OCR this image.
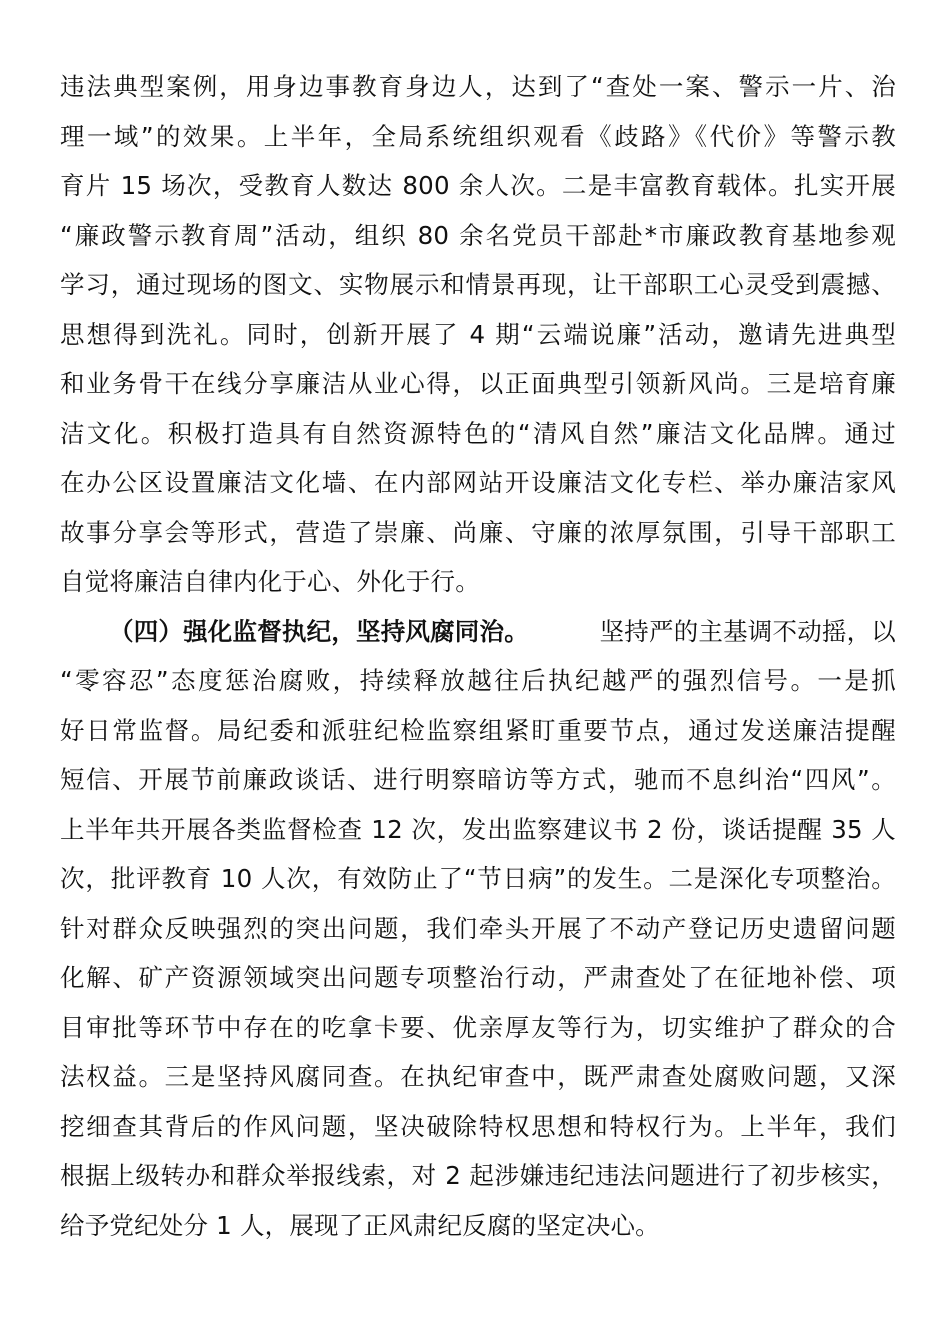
违法典型案例，用身边事教育身边人，达到了“查处一案、警示一片、治
理一域”的效果。上半年，全局系统组织观看《歧路》《代价》等警示教
育片 15 场次，受教育人数达 800 余人次。二是丰富教育载体。扎实开展
“廉政警示教育周”活动，组织 80 余名党员干部赴*市廉政教育基地参观
学习，通过现场的图文、实物展示和情景再现，让干部职工心灵受到震撼、
思想得到洗礼。同时，创新开展了 4 期“云端说廉”活动，邀请先进典型
和业务骨干在线分享廉洁从业心得，以正面典型引领新风尚。三是培育廉
洁文化。积极打造具有自然资源特色的“清风自然”廉洁文化品牌。通过
在办公区设置廉洁文化墙、在内部网站开设廉洁文化专栏、举办廉洁家风
故事分享会等形式，营造了崇廉、尚廉、守廉的浓厚氛围，引导干部职工
自觉将廉洁自律内化于心、外化于行。
（四）强化监督执纪，坚持风腐同治。	坚持严的主基调不动摇，以
“零容忍”态度惩治腐败，持续释放越往后执纪越严的强烈信号。一是抓
好日常监督。局纪委和派驻纪检监察组紧盯重要节点，通过发送廉洁提醒
短信、开展节前廉政谈话、进行明察暗访等方式，驰而不息纠治“四风”。
上半年共开展各类监督检查 12 次，发出监察建议书 2 份，谈话提醒 35 人
次，批评教育 10 人次，有效防止了“节日病”的发生。二是深化专项整治。
针对群众反映强烈的突出问题，我们牵头开展了不动产登记历史遗留问题
化解、矿产资源领域突出问题专项整治行动，严肃查处了在征地补偿、项
目审批等环节中存在的吃拿卡要、优亲厚友等行为，切实维护了群众的合
法权益。三是坚持风腐同查。在执纪审查中，既严肃查处腐败问题，又深
挖细查其背后的作风问题，坚决破除特权思想和特权行为。上半年，我们
根据上级转办和群众举报线索，对 2 起涉嫌违纪违法问题进行了初步核实，
给予党纪处分 1 人，展现了正风肃纪反腐的坚定决心。
